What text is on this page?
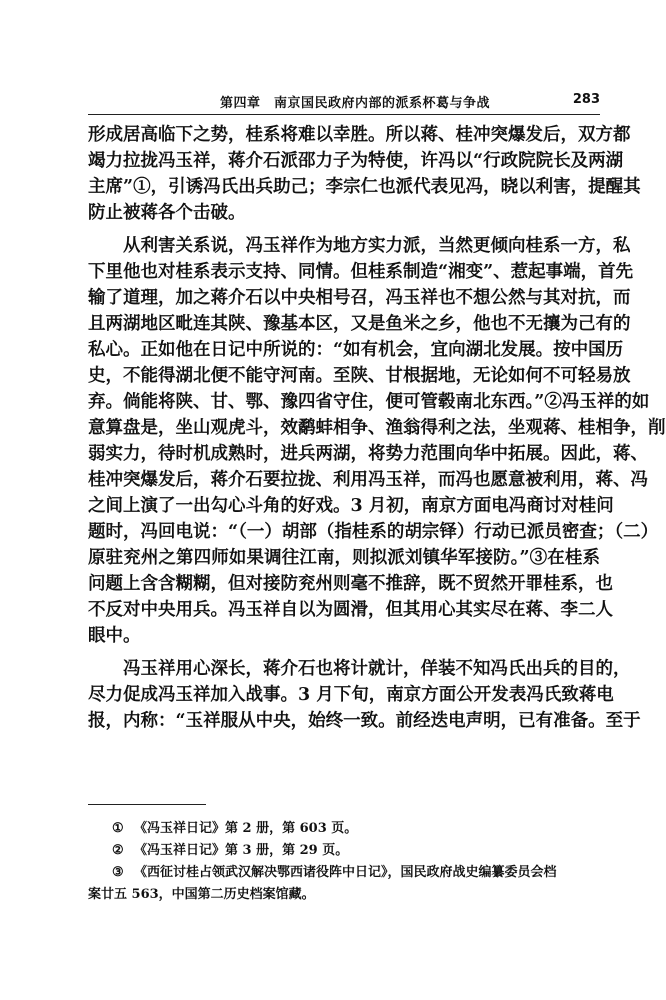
第四章　南京国民政府内部的派系杯葛与争战	283
形成居高临下之势，桂系将难以幸胜。所以蒋、桂冲突爆发后，双方都
竭力拉拢冯玉祥，蒋介石派邵力子为特使，许冯以“行政院院长及两湖
主席”①，引诱冯氏出兵助己；李宗仁也派代表见冯，晓以利害，提醒其
防止被蒋各个击破。
从利害关系说，冯玉祥作为地方实力派，当然更倾向桂系一方，私
下里他也对桂系表示支持、同情。但桂系制造“湘变”、惹起事端，首先
输了道理，加之蒋介石以中央相号召，冯玉祥也不想公然与其对抗，而
且两湖地区毗连其陕、豫基本区，又是鱼米之乡，他也不无攘为己有的
私心。正如他在日记中所说的：“如有机会，宜向湖北发展。按中国历
史，不能得湖北便不能守河南。至陕、甘根据地，无论如何不可轻易放
弃。倘能将陕、甘、鄂、豫四省守住，便可管毂南北东西。”②冯玉祥的如
意算盘是，坐山观虎斗，效鹬蚌相争、渔翁得利之法，坐观蒋、桂相争，削
弱实力，待时机成熟时，进兵两湖，将势力范围向华中拓展。因此，蒋、
桂冲突爆发后，蒋介石要拉拢、利用冯玉祥，而冯也愿意被利用，蒋、冯
之间上演了一出勾心斗角的好戏。3 月初，南京方面电冯商讨对桂问
题时，冯回电说：“（一）胡部（指桂系的胡宗铎）行动已派员密查；（二）
原驻兖州之第四师如果调往江南，则拟派刘镇华军接防。”③在桂系
问题上含含糊糊，但对接防兖州则毫不推辞，既不贸然开罪桂系，也
不反对中央用兵。冯玉祥自以为圆滑，但其用心其实尽在蒋、李二人
眼中。
冯玉祥用心深长，蒋介石也将计就计，佯装不知冯氏出兵的目的，
尽力促成冯玉祥加入战事。3 月下旬，南京方面公开发表冯氏致蒋电
报，内称：“玉祥服从中央，始终一致。前经迭电声明，已有准备。至于
① 《冯玉祥日记》第 2 册，第 603 页。
② 《冯玉祥日记》第 3 册，第 29 页。
③ 《西征讨桂占领武汉解决鄂西诸役阵中日记》，国民政府战史编纂委员会档
案廿五 563，中国第二历史档案馆藏。
